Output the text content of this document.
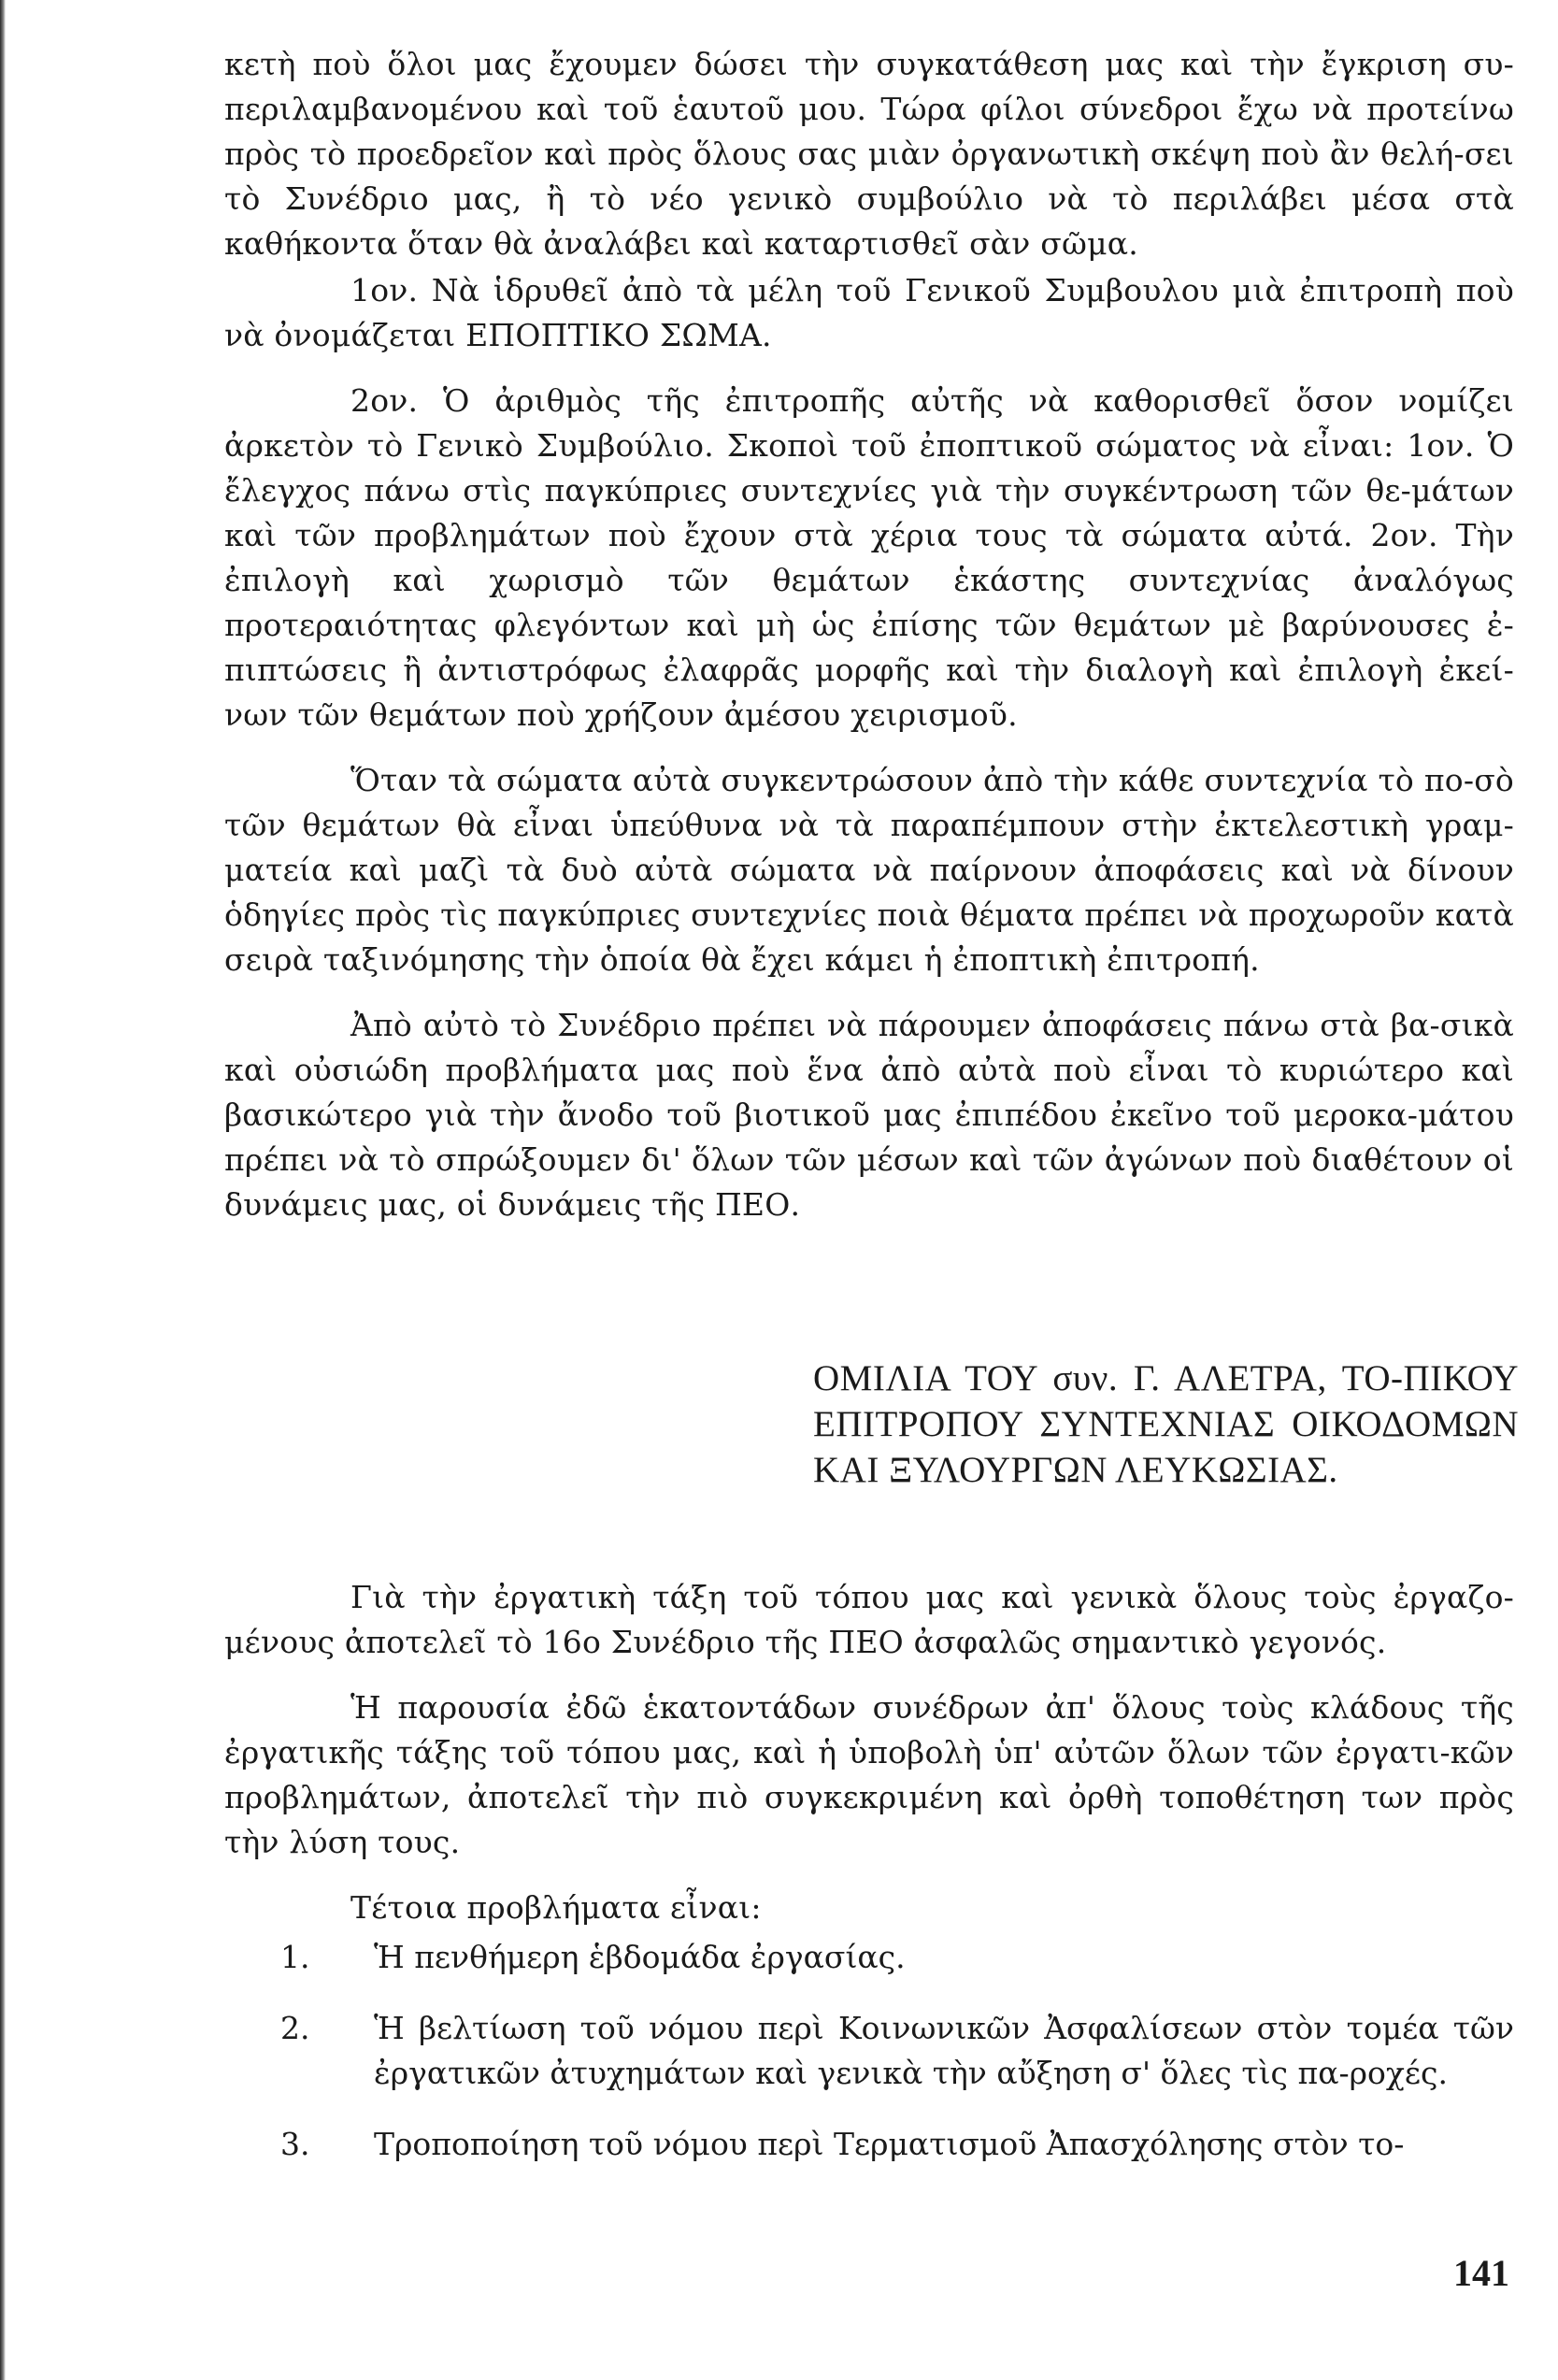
κετὴ ποὺ ὅλοι μας ἔχουμεν δώσει τὴν συγκατάθεση μας καὶ τὴν ἔγκριση συ-περιλαμβανομένου καὶ τοῦ ἑαυτοῦ μου. Τώρα φίλοι σύνεδροι ἔχω νὰ προτείνω πρὸς τὸ προεδρεῖον καὶ πρὸς ὅλους σας μιὰν ὀργανωτικὴ σκέψη ποὺ ἂν θελή-σει τὸ Συνέδριο μας, ἢ τὸ νέο γενικὸ συμβούλιο νὰ τὸ περιλάβει μέσα στὰ καθήκοντα ὅταν θὰ ἀναλάβει καὶ καταρτισθεῖ σὰν σῶμα.

1ον. Νὰ ἱδρυθεῖ ἀπὸ τὰ μέλη τοῦ Γενικοῦ Συμβουλου μιὰ ἐπιτροπὴ ποὺ νὰ ὀνομάζεται ΕΠΟΠΤΙΚΟ ΣΩΜΑ.

2ον. Ὁ ἀριθμὸς τῆς ἐπιτροπῆς αὐτῆς νὰ καθορισθεῖ ὅσον νομίζει ἀρκετὸν τὸ Γενικὸ Συμβούλιο. Σκοποὶ τοῦ ἐποπτικοῦ σώματος νὰ εἶναι: 1ον. Ὁ ἔλεγχος πάνω στὶς παγκύπριες συντεχνίες γιὰ τὴν συγκέντρωση τῶν θε-μάτων καὶ τῶν προβλημάτων ποὺ ἔχουν στὰ χέρια τους τὰ σώματα αὐτά. 2ον. Τὴν ἐπιλογὴ καὶ χωρισμὸ τῶν θεμάτων ἑκάστης συντεχνίας ἀναλόγως προτεραιότητας φλεγόντων καὶ μὴ ὡς ἐπίσης τῶν θεμάτων μὲ βαρύνουσες ἐ-πιπτώσεις ἢ ἀντιστρόφως ἐλαφρᾶς μορφῆς καὶ τὴν διαλογὴ καὶ ἐπιλογὴ ἐκεί-νων τῶν θεμάτων ποὺ χρήζουν ἀμέσου χειρισμοῦ.

Ὅταν τὰ σώματα αὐτὰ συγκεντρώσουν ἀπὸ τὴν κάθε συντεχνία τὸ πο-σὸ τῶν θεμάτων θὰ εἶναι ὑπεύθυνα νὰ τὰ παραπέμπουν στὴν ἐκτελεστικὴ γραμ-ματεία καὶ μαζὶ τὰ δυὸ αὐτὰ σώματα νὰ παίρνουν ἀποφάσεις καὶ νὰ δίνουν ὁδηγίες πρὸς τὶς παγκύπριες συντεχνίες ποιὰ θέματα πρέπει νὰ προχωροῦν κατὰ σειρὰ ταξινόμησης τὴν ὁποία θὰ ἔχει κάμει ἡ ἐποπτικὴ ἐπιτροπή.

Ἀπὸ αὐτὸ τὸ Συνέδριο πρέπει νὰ πάρουμεν ἀποφάσεις πάνω στὰ βα-σικὰ καὶ οὐσιώδη προβλήματα μας ποὺ ἕνα ἀπὸ αὐτὰ ποὺ εἶναι τὸ κυριώτερο καὶ βασικώτερο γιὰ τὴν ἄνοδο τοῦ βιοτικοῦ μας ἐπιπέδου ἐκεῖνο τοῦ μεροκα-μάτου πρέπει νὰ τὸ σπρώξουμεν δι' ὅλων τῶν μέσων καὶ τῶν ἀγώνων ποὺ διαθέτουν οἱ δυνάμεις μας, οἱ δυνάμεις τῆς ΠΕΟ.

ΟΜΙΛΙΑ ΤΟΥ συν. Γ. ΑΛΕΤΡΑ, ΤΟ-ΠΙΚΟΥ ΕΠΙΤΡΟΠΟΥ ΣΥΝΤΕΧΝΙΑΣ ΟΙΚΟΔΟΜΩΝ ΚΑΙ ΞΥΛΟΥΡΓΩΝ ΛΕΥΚΩΣΙΑΣ.

Γιὰ τὴν ἐργατικὴ τάξη τοῦ τόπου μας καὶ γενικὰ ὅλους τοὺς ἐργαζο-μένους ἀποτελεῖ τὸ 16ο Συνέδριο τῆς ΠΕΟ ἀσφαλῶς σημαντικὸ γεγονός.

Ἡ παρουσία ἐδῶ ἑκατοντάδων συνέδρων ἀπ' ὅλους τοὺς κλάδους τῆς ἐργατικῆς τάξης τοῦ τόπου μας, καὶ ἡ ὑποβολὴ ὑπ' αὐτῶν ὅλων τῶν ἐργατι-κῶν προβλημάτων, ἀποτελεῖ τὴν πιὸ συγκεκριμένη καὶ ὀρθὴ τοποθέτηση των πρὸς τὴν λύση τους.

Τέτοια προβλήματα εἶναι:

1. Ἡ πενθήμερη ἑβδομάδα ἐργασίας.
2. Ἡ βελτίωση τοῦ νόμου περὶ Κοινωνικῶν Ἀσφαλίσεων στὸν τομέα τῶν ἐργατικῶν ἀτυχημάτων καὶ γενικὰ τὴν αὔξηση σ' ὅλες τὶς πα-ροχές.
3. Τροποποίηση τοῦ νόμου περὶ Τερματισμοῦ Ἀπασχόλησης στὸν το-
141
